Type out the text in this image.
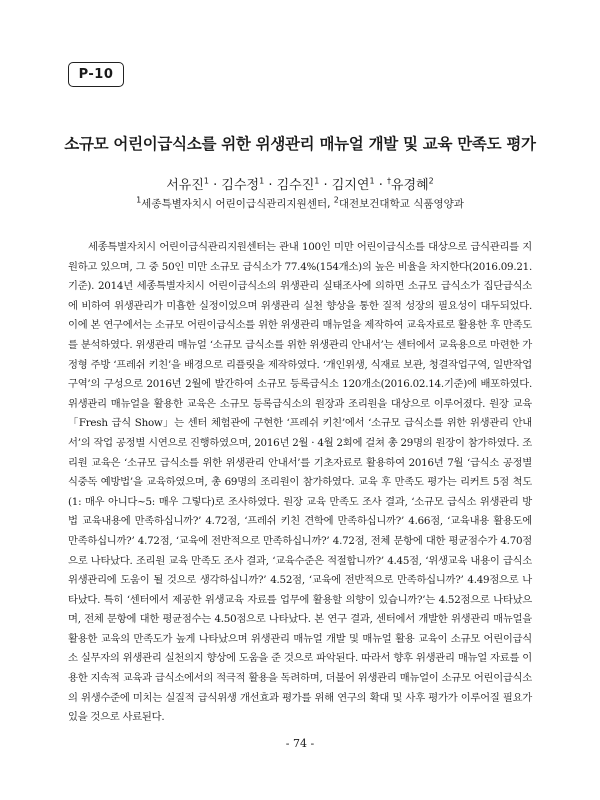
P-10
소규모 어린이급식소를 위한 위생관리 매뉴얼 개발 및 교육 만족도 평가
서유진$^1$ · 김수정$^1$ · 김수진$^1$ · 김지연$^1$ · †유경혜$^2$
$^1$세종특별자치시 어린이급식관리지원센터, $^2$대전보건대학교 식품영양과

세종특별자치시 어린이급식관리지원센터는 관내 100인 미만 어린이급식소를 대상으로 급식관리를 지원하고 있으며, 그 중 50인 미만 소규모 급식소가 77.4%(154개소)의 높은 비율을 차지한다(2016.09.21. 기준). 2014년 세종특별자치시 어린이급식소의 위생관리 실태조사에 의하면 소규모 급식소가 집단급식소에 비하여 위생관리가 미흡한 실정이었으며 위생관리 실천 향상을 통한 질적 성장의 필요성이 대두되었다. 이에 본 연구에서는 소규모 어린이급식소를 위한 위생관리 매뉴얼을 제작하여 교육자료로 활용한 후 만족도를 분석하였다. 위생관리 매뉴얼 ‘소규모 급식소를 위한 위생관리 안내서’는 센터에서 교육용으로 마련한 가정형 주방 ‘프레쉬 키친’을 배경으로 리플릿을 제작하였다. ‘개인위생, 식재료 보관, 청결작업구역, 일반작업구역’의 구성으로 2016년 2월에 발간하여 소규모 등록급식소 120개소(2016.02.14.기준)에 배포하였다. 위생관리 매뉴얼을 활용한 교육은 소규모 등록급식소의 원장과 조리원을 대상으로 이루어졌다. 원장 교육 「Fresh 급식 Show」는 센터 체험관에 구현한 ‘프레쉬 키친’에서 ‘소규모 급식소를 위한 위생관리 안내서’의 작업 공정별 시연으로 진행하였으며, 2016년 2월 · 4월 2회에 걸쳐 총 29명의 원장이 참가하였다. 조리원 교육은 ‘소규모 급식소를 위한 위생관리 안내서’를 기초자료로 활용하여 2016년 7월 ‘급식소 공정별 식중독 예방법’을 교육하였으며, 총 69명의 조리원이 참가하였다. 교육 후 만족도 평가는 리커트 5점 척도(1: 매우 아니다~5: 매우 그렇다)로 조사하였다. 원장 교육 만족도 조사 결과, ‘소규모 급식소 위생관리 방법 교육내용에 만족하십니까?’ 4.72점, ‘프레쉬 키친 견학에 만족하십니까?’ 4.66점, ‘교육내용 활용도에 만족하십니까?’ 4.72점, ‘교육에 전반적으로 만족하십니까?’ 4.72점, 전체 문항에 대한 평균점수가 4.70점으로 나타났다. 조리원 교육 만족도 조사 결과, ‘교육수준은 적절합니까?’ 4.45점, ‘위생교육 내용이 급식소 위생관리에 도움이 될 것으로 생각하십니까?’ 4.52점, ‘교육에 전반적으로 만족하십니까?’ 4.49점으로 나타났다. 특히 ‘센터에서 제공한 위생교육 자료를 업무에 활용할 의향이 있습니까?’는 4.52점으로 나타났으며, 전체 문항에 대한 평균점수는 4.50점으로 나타났다. 본 연구 결과, 센터에서 개발한 위생관리 매뉴얼을 활용한 교육의 만족도가 높게 나타났으며 위생관리 매뉴얼 개발 및 매뉴얼 활용 교육이 소규모 어린이급식소 실무자의 위생관리 실천의지 향상에 도움을 준 것으로 파악된다. 따라서 향후 위생관리 매뉴얼 자료를 이용한 지속적 교육과 급식소에서의 적극적 활용을 독려하며, 더불어 위생관리 매뉴얼이 소규모 어린이급식소의 위생수준에 미치는 실질적 급식위생 개선효과 평가를 위해 연구의 확대 및 사후 평가가 이루어질 필요가 있을 것으로 사료된다.

- 74 -
